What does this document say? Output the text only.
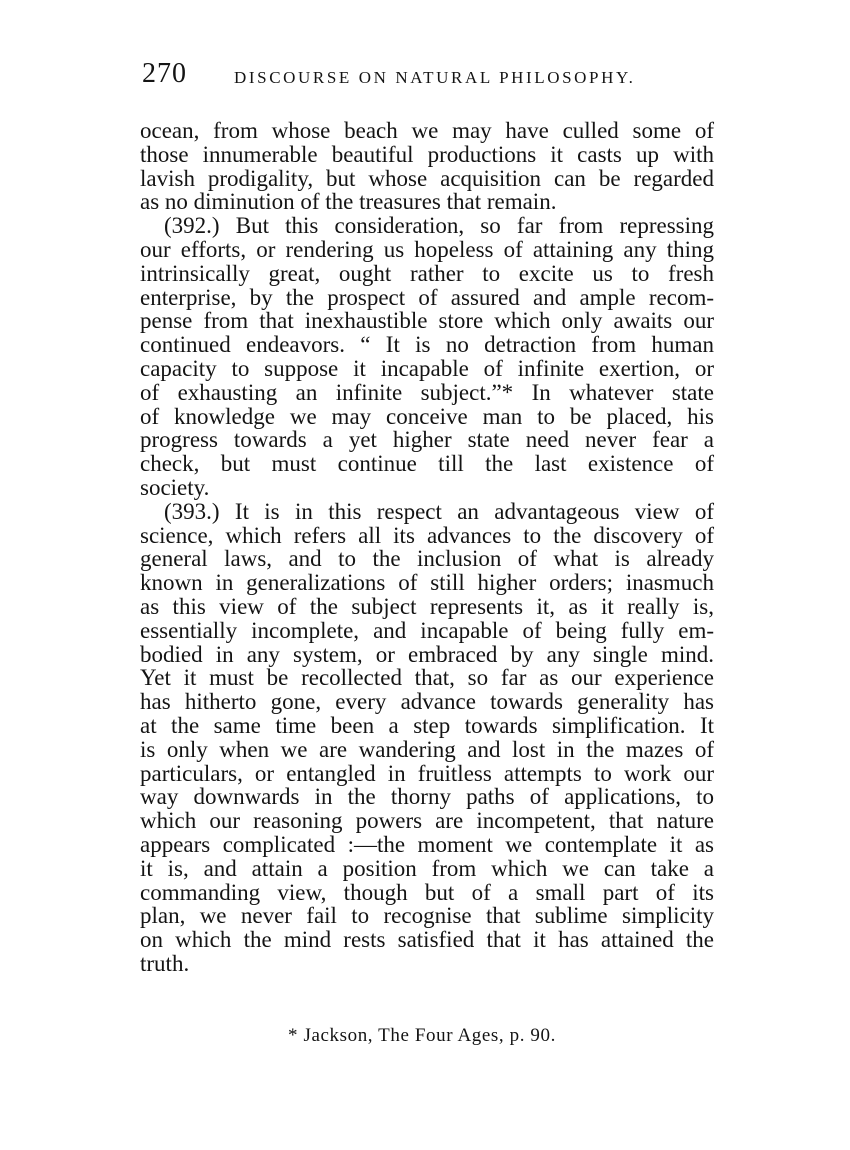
270	DISCOURSE ON NATURAL PHILOSOPHY.
ocean, from whose beach we may have culled some of
those innumerable beautiful productions it casts up with
lavish prodigality, but whose acquisition can be regarded
as no diminution of the treasures that remain.
(392.) But this consideration, so far from repressing
our efforts, or rendering us hopeless of attaining any thing
intrinsically great, ought rather to excite us to fresh
enterprise, by the prospect of assured and ample recom-
pense from that inexhaustible store which only awaits our
continued endeavors. “ It is no detraction from human
capacity to suppose it incapable of infinite exertion, or
of exhausting an infinite subject.”* In whatever state
of knowledge we may conceive man to be placed, his
progress towards a yet higher state need never fear a
check, but must continue till the last existence of
society.
(393.) It is in this respect an advantageous view of
science, which refers all its advances to the discovery of
general laws, and to the inclusion of what is already
known in generalizations of still higher orders; inasmuch
as this view of the subject represents it, as it really is,
essentially incomplete, and incapable of being fully em-
bodied in any system, or embraced by any single mind.
Yet it must be recollected that, so far as our experience
has hitherto gone, every advance towards generality has
at the same time been a step towards simplification. It
is only when we are wandering and lost in the mazes of
particulars, or entangled in fruitless attempts to work our
way downwards in the thorny paths of applications, to
which our reasoning powers are incompetent, that nature
appears complicated :—the moment we contemplate it as
it is, and attain a position from which we can take a
commanding view, though but of a small part of its
plan, we never fail to recognise that sublime simplicity
on which the mind rests satisfied that it has attained the
truth.
* Jackson, The Four Ages, p. 90.
